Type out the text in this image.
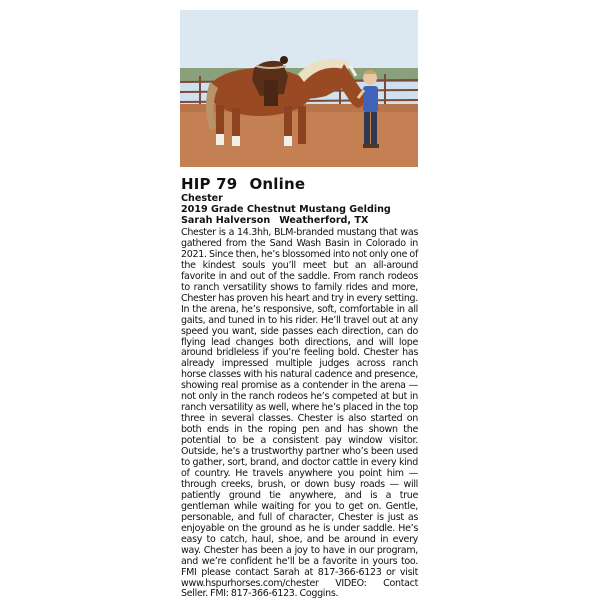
HIP 79 Online
Chester
2019 Grade Chestnut Mustang Gelding
Sarah Halverson Weatherford, TX
Chester is a 14.3hh, BLM-branded mustang that was gathered from the Sand Wash Basin in Colorado in 2021. Since then, he’s blossomed into not only one of the kindest souls you’ll meet but an all-around favorite in and out of the saddle. From ranch rodeos to ranch versatility shows to family rides and more, Chester has proven his heart and try in every setting. In the arena, he’s responsive, soft, comfortable in all gaits, and tuned in to his rider. He’ll travel out at any speed you want, side passes each direction, can do flying lead changes both directions, and will lope around bridleless if you’re feeling bold. Chester has already impressed multiple judges across ranch horse classes with his natural cadence and presence, showing real promise as a contender in the arena — not only in the ranch rodeos he’s competed at but in ranch versatility as well, where he’s placed in the top three in several classes. Chester is also started on both ends in the roping pen and has shown the potential to be a consistent pay window visitor. Outside, he’s a trustworthy partner who’s been used to gather, sort, brand, and doctor cattle in every kind of country. He travels anywhere you point him — through creeks, brush, or down busy roads — will patiently ground tie anywhere, and is a true gentleman while waiting for you to get on. Gentle, personable, and full of character, Chester is just as enjoyable on the ground as he is under saddle. He’s easy to catch, haul, shoe, and be around in every way. Chester has been a joy to have in our program, and we’re confident he’ll be a favorite in yours too. FMI please contact Sarah at 817-366-6123 or visit www.hspurhorses.com/chester VIDEO: Contact Seller. FMI: 817-366-6123. Coggins.
